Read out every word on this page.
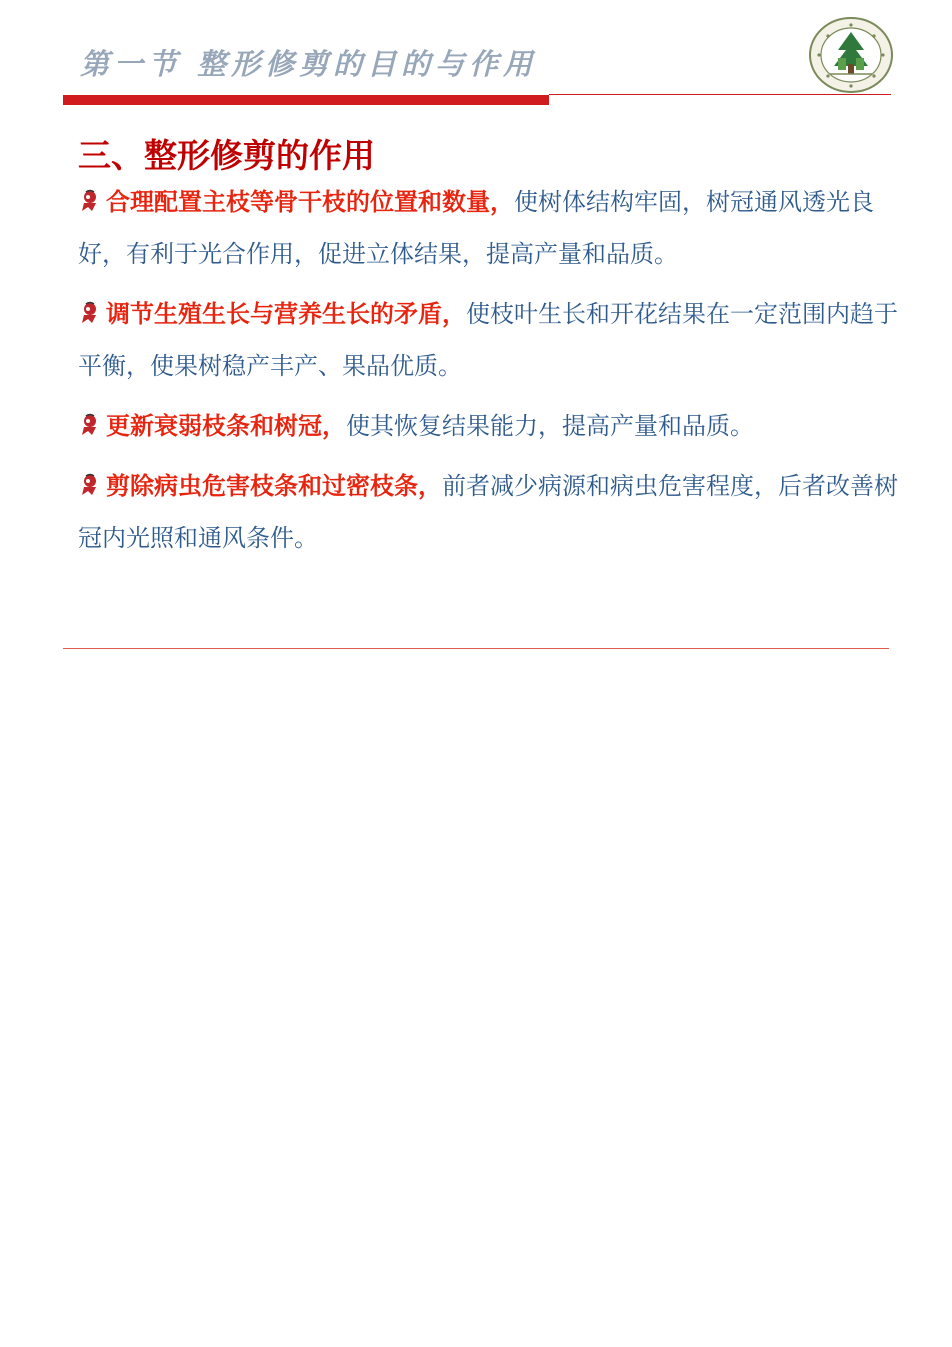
第一节 整形修剪的目的与作用
三、整形修剪的作用

合理配置主枝等骨干枝的位置和数量，使树体结构牢固，树冠通风透光良好，有利于光合作用，促进立体结果，提高产量和品质。

调节生殖生长与营养生长的矛盾，使枝叶生长和开花结果在一定范围内趋于平衡，使果树稳产丰产、果品优质。

更新衰弱枝条和树冠，使其恢复结果能力，提高产量和品质。

剪除病虫危害枝条和过密枝条，前者减少病源和病虫危害程度，后者改善树冠内光照和通风条件。
